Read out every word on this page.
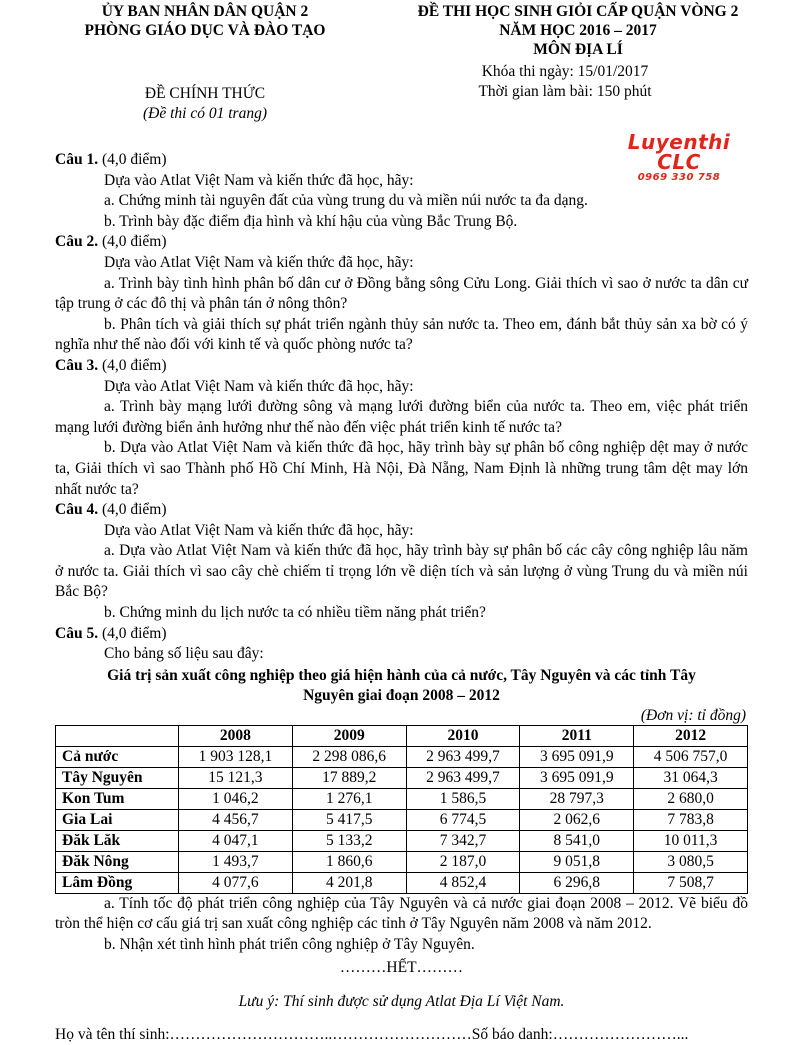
ỦY BAN NHÂN DÂN QUẬN 2
PHÒNG GIÁO DỤC VÀ ĐÀO TẠO
ĐỀ THI HỌC SINH GIỎI CẤP QUẬN VÒNG 2
NĂM HỌC 2016 – 2017
MÔN ĐỊA LÍ
ĐỀ CHÍNH THỨC
(Đề thi có 01 trang)
Khóa thi ngày: 15/01/2017
Thời gian làm bài: 150 phút
Luyenthi CLC
0969 330 758

Câu 1. (4,0 điểm)

Dựa vào Atlat Việt Nam và kiến thức đã học, hãy:

a. Chứng minh tài nguyên đất của vùng trung du và miền núi nước ta đa dạng.

b. Trình bày đặc điểm địa hình và khí hậu của vùng Bắc Trung Bộ.

Câu 2. (4,0 điểm)

Dựa vào Atlat Việt Nam và kiến thức đã học, hãy:

a. Trình bày tình hình phân bố dân cư ở Đồng bằng sông Cửu Long. Giải thích vì sao ở nước ta dân cư tập trung ở các đô thị và phân tán ở nông thôn?

b. Phân tích và giải thích sự phát triển ngành thủy sản nước ta. Theo em, đánh bắt thủy sản xa bờ có ý nghĩa như thế nào đối với kinh tế và quốc phòng nước ta?

Câu 3. (4,0 điểm)

Dựa vào Atlat Việt Nam và kiến thức đã học, hãy:

a. Trình bày mạng lưới đường sông và mạng lưới đường biển của nước ta. Theo em, việc phát triển mạng lưới đường biển ảnh hưởng như thế nào đến việc phát triển kinh tế nước ta?

b. Dựa vào Atlat Việt Nam và kiến thức đã học, hãy trình bày sự phân bố công nghiệp dệt may ở nước ta, Giải thích vì sao Thành phố Hồ Chí Minh, Hà Nội, Đà Nẵng, Nam Định là những trung tâm dệt may lớn nhất nước ta?

Câu 4. (4,0 điểm)

Dựa vào Atlat Việt Nam và kiến thức đã học, hãy:

a. Dựa vào Atlat Việt Nam và kiến thức đã học, hãy trình bày sự phân bố các cây công nghiệp lâu năm ở nước ta. Giải thích vì sao cây chè chiếm tỉ trọng lớn về diện tích và sản lượng ở vùng Trung du và miền núi Bắc Bộ?

b. Chứng minh du lịch nước ta có nhiều tiềm năng phát triển?

Câu 5. (4,0 điểm)

Cho bảng số liệu sau đây:

Giá trị sản xuất công nghiệp theo giá hiện hành của cả nước, Tây Nguyên và các tỉnh Tây
Nguyên giai đoạn 2008 – 2012
(Đơn vị: tỉ đồng)
	2008	2009	2010	2011	2012
Cả nước	1 903 128,1	2 298 086,6	2 963 499,7	3 695 091,9	4 506 757,0
Tây Nguyên	15 121,3	17 889,2	2 963 499,7	3 695 091,9	31 064,3
Kon Tum	1 046,2	1 276,1	1 586,5	28 797,3	2 680,0
Gia Lai	4 456,7	5 417,5	6 774,5	2 062,6	7 783,8
Đăk Lăk	4 047,1	5 133,2	7 342,7	8 541,0	10 011,3
Đăk Nông	1 493,7	1 860,6	2 187,0	9 051,8	3 080,5
Lâm Đồng	4 077,6	4 201,8	4 852,4	6 296,8	7 508,7

a. Tính tốc độ phát triển công nghiệp của Tây Nguyên và cả nước giai đoạn 2008 – 2012. Vẽ biểu đồ tròn thể hiện cơ cấu giá trị san xuất công nghiệp các tỉnh ở Tây Nguyên năm 2008 và năm 2012.

b. Nhận xét tình hình phát triển công nghiệp ở Tây Nguyên.

………HẾT………
Lưu ý: Thí sinh được sử dụng Atlat Địa Lí Việt Nam.
Họ và tên thí sinh:…………………………..………………………Số báo danh:……………………...
